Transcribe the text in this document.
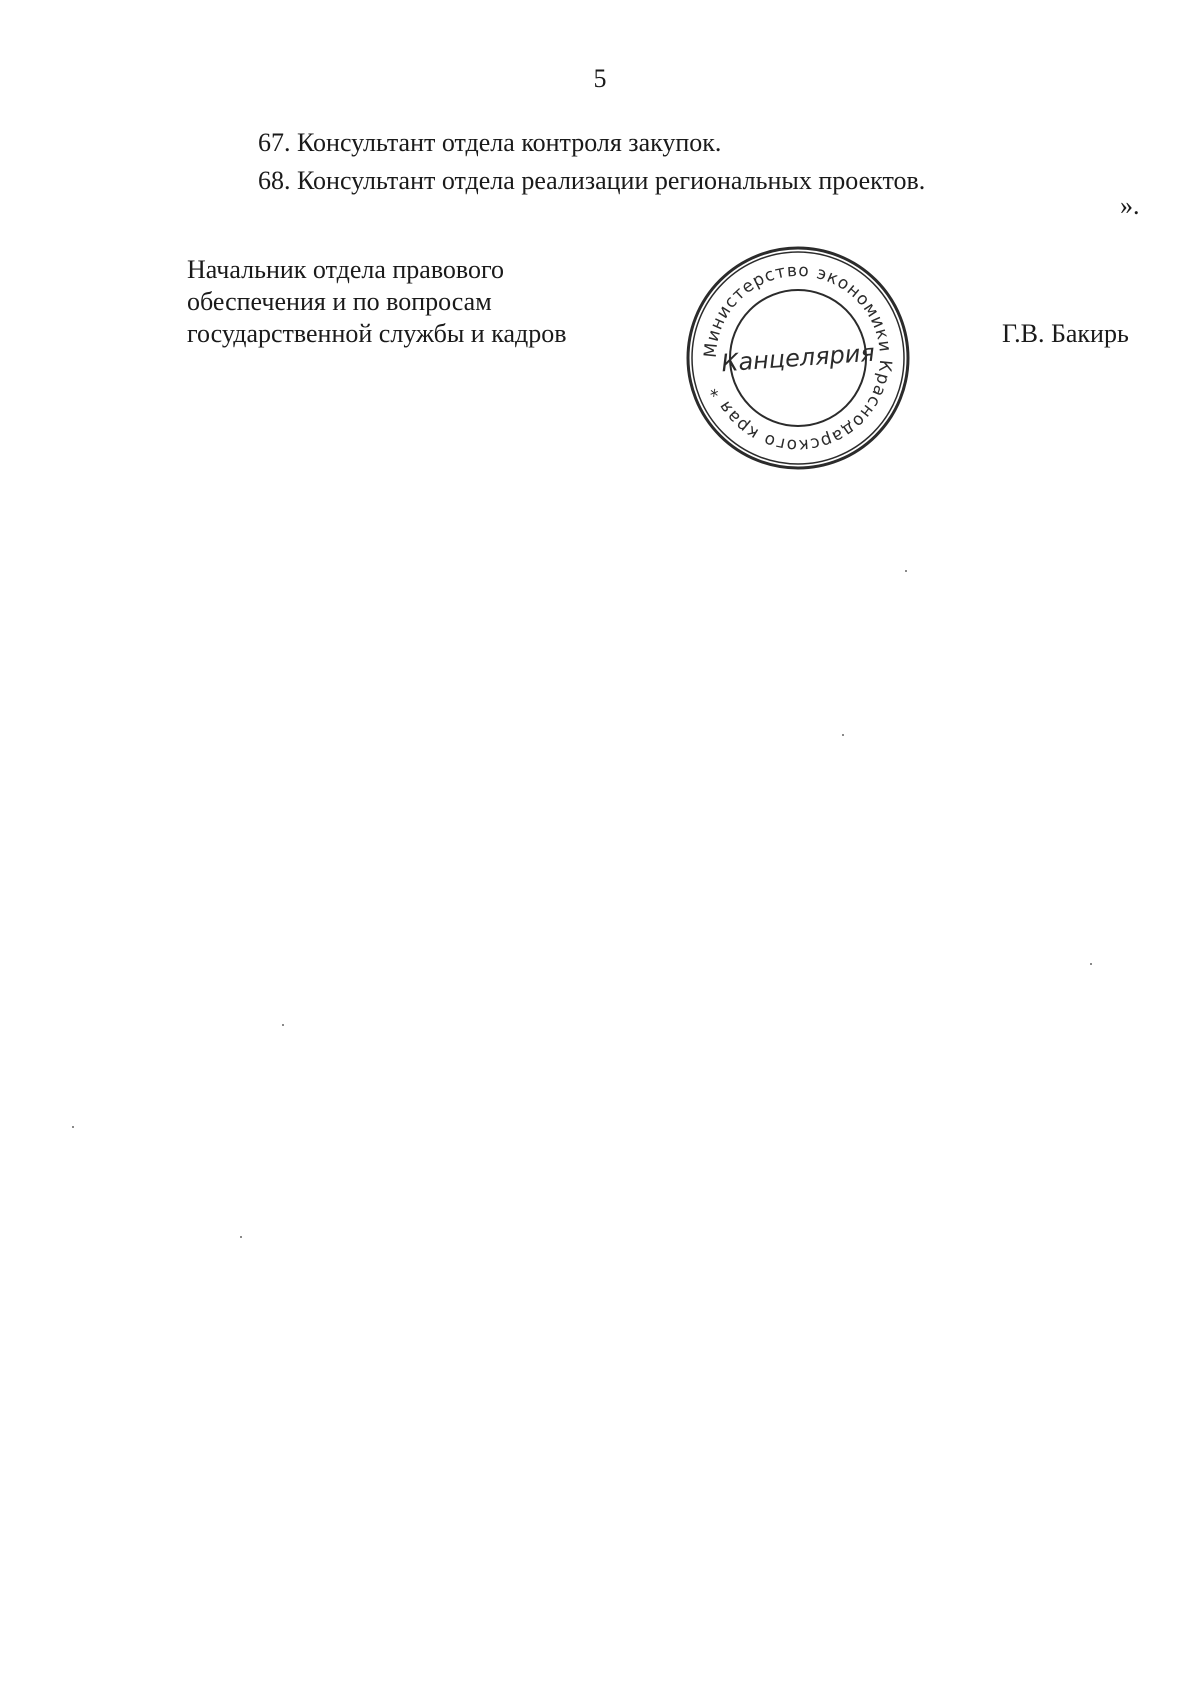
5
67. Консультант отдела контроля закупок.
68. Консультант отдела реализации региональных проектов.
».
Начальник отдела правового
обеспечения и по вопросам
государственной службы и кадров	Г.В. Бакирь
Министерство экономики Краснодарского края *
Канцелярия
